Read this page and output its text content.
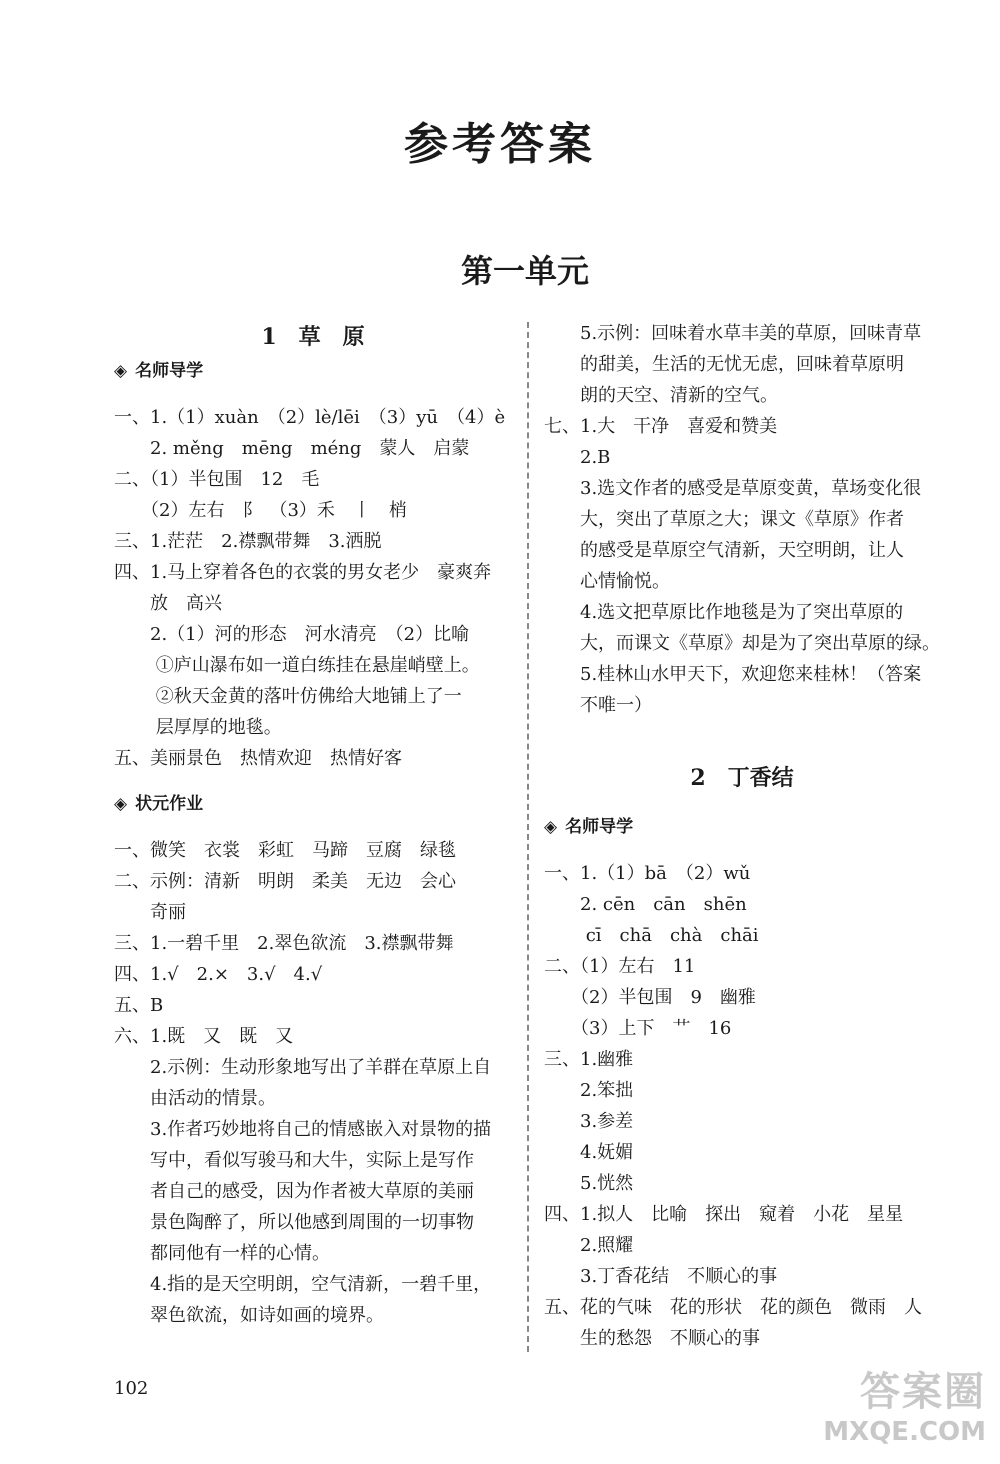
参考答案
第一单元
1　草　原
◈ 名师导学
一、1.（1）xuàn　（2）lè/lēi　（3）yū　（4）è
　　2. měng　mēng　méng　蒙人　启蒙
二、（1）半包围　12　毛
　　（2）左右　阝　（3）禾　丨　梢
三、1.茫茫　2.襟飘带舞　3.洒脱
四、1.马上穿着各色的衣裳的男女老少　豪爽奔
　　放　高兴
　　2.（1）河的形态　河水清亮　（2）比喻
　　 ①庐山瀑布如一道白练挂在悬崖峭壁上。
　　 ②秋天金黄的落叶仿佛给大地铺上了一
　　 层厚厚的地毯。
五、美丽景色　热情欢迎　热情好客
◈ 状元作业
一、微笑　衣裳　彩虹　马蹄　豆腐　绿毯
二、示例：清新　明朗　柔美　无边　会心
　　奇丽
三、1.一碧千里　2.翠色欲流　3.襟飘带舞
四、1.√　2.×　3.√　4.√
五、B
六、1.既　又　既　又
　　2.示例：生动形象地写出了羊群在草原上自
　　由活动的情景。
　　3.作者巧妙地将自己的情感嵌入对景物的描
　　写中，看似写骏马和大牛，实际上是写作
　　者自己的感受，因为作者被大草原的美丽
　　景色陶醉了，所以他感到周围的一切事物
　　都同他有一样的心情。
　　4.指的是天空明朗，空气清新，一碧千里，
　　翠色欲流，如诗如画的境界。
　　5.示例：回味着水草丰美的草原，回味青草
　　的甜美，生活的无忧无虑，回味着草原明
　　朗的天空、清新的空气。
七、1.大　干净　喜爱和赞美
　　2.B
　　3.选文作者的感受是草原变黄，草场变化很
　　大，突出了草原之大；课文《草原》作者
　　的感受是草原空气清新，天空明朗，让人
　　心情愉悦。
　　4.选文把草原比作地毯是为了突出草原的
　　大，而课文《草原》却是为了突出草原的绿。
　　5.桂林山水甲天下，欢迎您来桂林！（答案
　　不唯一）
2　丁香结
◈ 名师导学
一、1.（1）bā　（2）wǔ
　　2. cēn　cān　shēn
　　 cī　chā　chà　chāi
二、（1）左右　11
　　（2）半包围　9　幽雅
　　（3）上下　艹　16
三、1.幽雅
　　2.笨拙
　　3.参差
　　4.妩媚
　　5.恍然
四、1.拟人　比喻　探出　窥着　小花　星星
　　2.照耀
　　3.丁香花结　不顺心的事
五、花的气味　花的形状　花的颜色　微雨　人
　　生的愁怨　不顺心的事
102	答案圈
MXQE.COM
